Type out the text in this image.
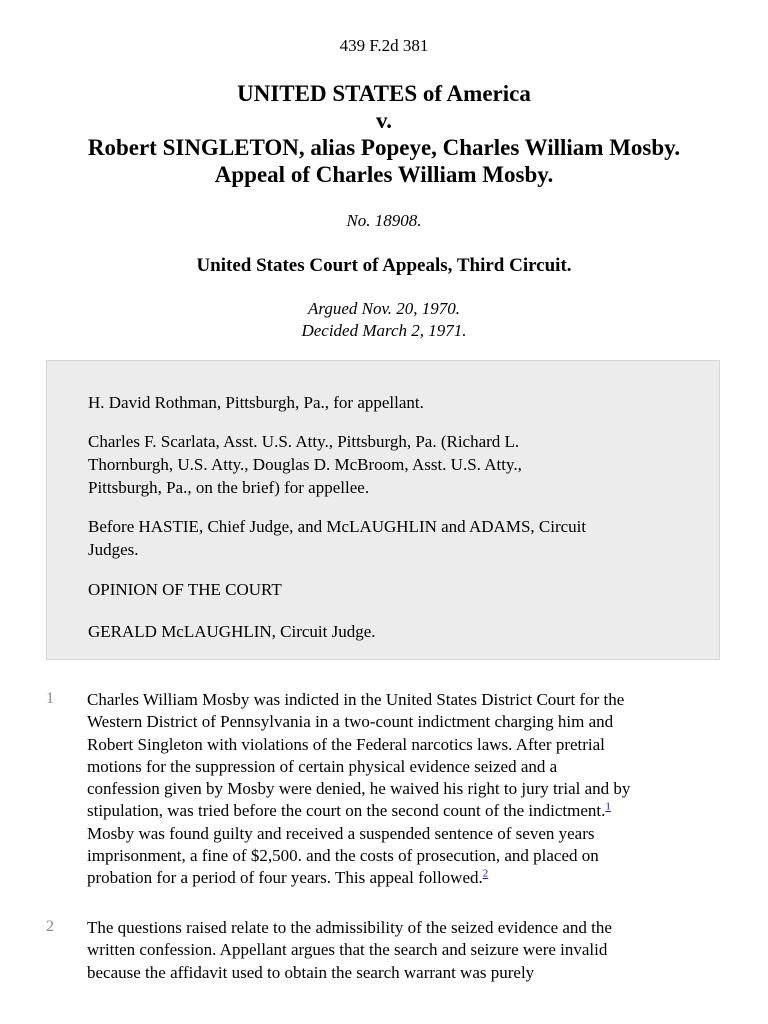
439 F.2d 381
UNITED STATES of America
v.
Robert SINGLETON, alias Popeye, Charles William Mosby.
Appeal of Charles William Mosby.
No. 18908.
United States Court of Appeals, Third Circuit.
Argued Nov. 20, 1970.
Decided March 2, 1971.
H. David Rothman, Pittsburgh, Pa., for appellant.
Charles F. Scarlata, Asst. U.S. Atty., Pittsburgh, Pa. (Richard L.
Thornburgh, U.S. Atty., Douglas D. McBroom, Asst. U.S. Atty.,
Pittsburgh, Pa., on the brief) for appellee.
Before HASTIE, Chief Judge, and McLAUGHLIN and ADAMS, Circuit
Judges.
OPINION OF THE COURT
GERALD McLAUGHLIN, Circuit Judge.
1 Charles William Mosby was indicted in the United States District Court for the
Western District of Pennsylvania in a two-count indictment charging him and
Robert Singleton with violations of the Federal narcotics laws. After pretrial
motions for the suppression of certain physical evidence seized and a
confession given by Mosby were denied, he waived his right to jury trial and by
stipulation, was tried before the court on the second count of the indictment.$^1$
Mosby was found guilty and received a suspended sentence of seven years
imprisonment, a fine of $2,500. and the costs of prosecution, and placed on
probation for a period of four years. This appeal followed.$^2$
2 The questions raised relate to the admissibility of the seized evidence and the
written confession. Appellant argues that the search and seizure were invalid
because the affidavit used to obtain the search warrant was purely
